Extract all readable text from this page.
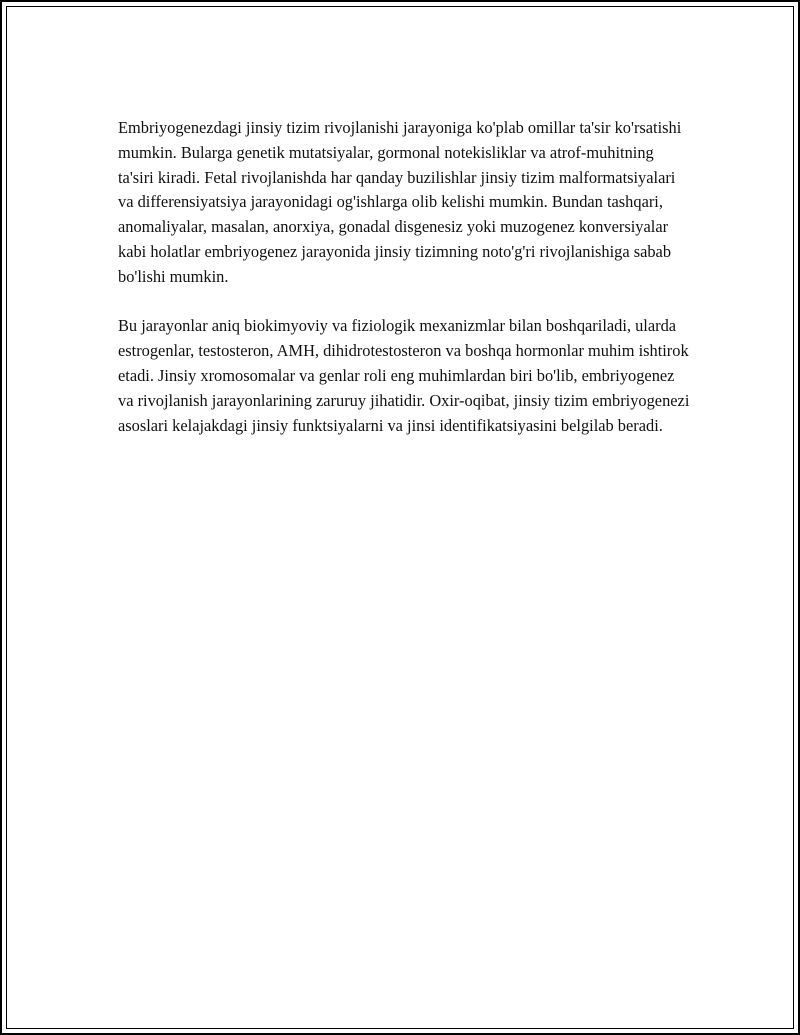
Embriyogenezdagi jinsiy tizim rivojlanishi jarayoniga ko'plab omillar ta'sir ko'rsatishi mumkin. Bularga genetik mutatsiyalar, gormonal notekisliklar va atrof-muhitning ta'siri kiradi. Fetal rivojlanishda har qanday buzilishlar jinsiy tizim malformatsiyalari va differensiyatsiya jarayonidagi og'ishlarga olib kelishi mumkin. Bundan tashqari, anomaliyalar, masalan, anorxiya, gonadal disgenesiz yoki muzogenez konversiyalar kabi holatlar embriyogenez jarayonida jinsiy tizimning noto'g'ri rivojlanishiga sabab bo'lishi mumkin.

Bu jarayonlar aniq biokimyoviy va fiziologik mexanizmlar bilan boshqariladi, ularda estrogenlar, testosteron, AMH, dihidrotestosteron va boshqa hormonlar muhim ishtirok etadi. Jinsiy xromosomalar va genlar roli eng muhimlardan biri bo'lib, embriyogenez va rivojlanish jarayonlarining zaruruy jihatidir. Oxir-oqibat, jinsiy tizim embriyogenezi asoslari kelajakdagi jinsiy funktsiyalarni va jinsi identifikatsiyasini belgilab beradi.
